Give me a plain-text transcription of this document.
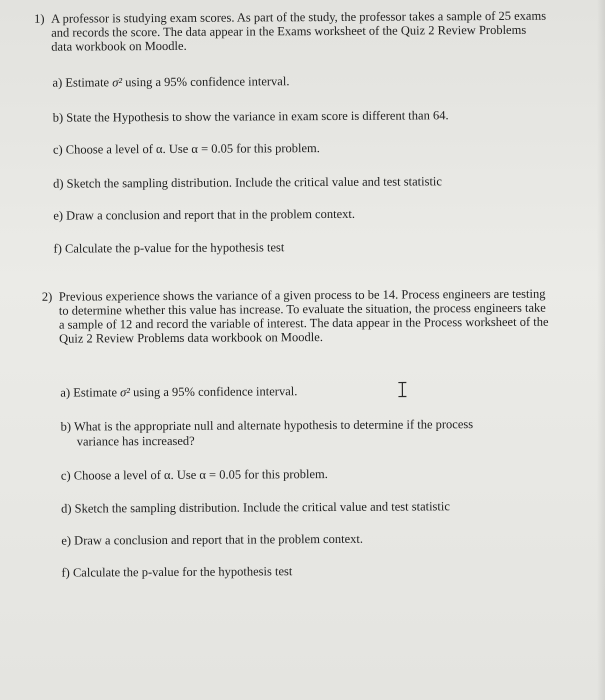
1) A professor is studying exam scores. As part of the study, the professor takes a sample of 25 exams and records the score. The data appear in the Exams worksheet of the Quiz 2 Review Problems data workbook on Moodle.
a) Estimate σ² using a 95% confidence interval.
b) State the Hypothesis to show the variance in exam score is different than 64.
c) Choose a level of α. Use α = 0.05 for this problem.
d) Sketch the sampling distribution. Include the critical value and test statistic
e) Draw a conclusion and report that in the problem context.
f) Calculate the p-value for the hypothesis test
2) Previous experience shows the variance of a given process to be 14. Process engineers are testing to determine whether this value has increase. To evaluate the situation, the process engineers take a sample of 12 and record the variable of interest. The data appear in the Process worksheet of the Quiz 2 Review Problems data workbook on Moodle.
a) Estimate σ² using a 95% confidence interval.
b) What is the appropriate null and alternate hypothesis to determine if the process
variance has increased?
c) Choose a level of α. Use α = 0.05 for this problem.
d) Sketch the sampling distribution. Include the critical value and test statistic
e) Draw a conclusion and report that in the problem context.
f) Calculate the p-value for the hypothesis test
